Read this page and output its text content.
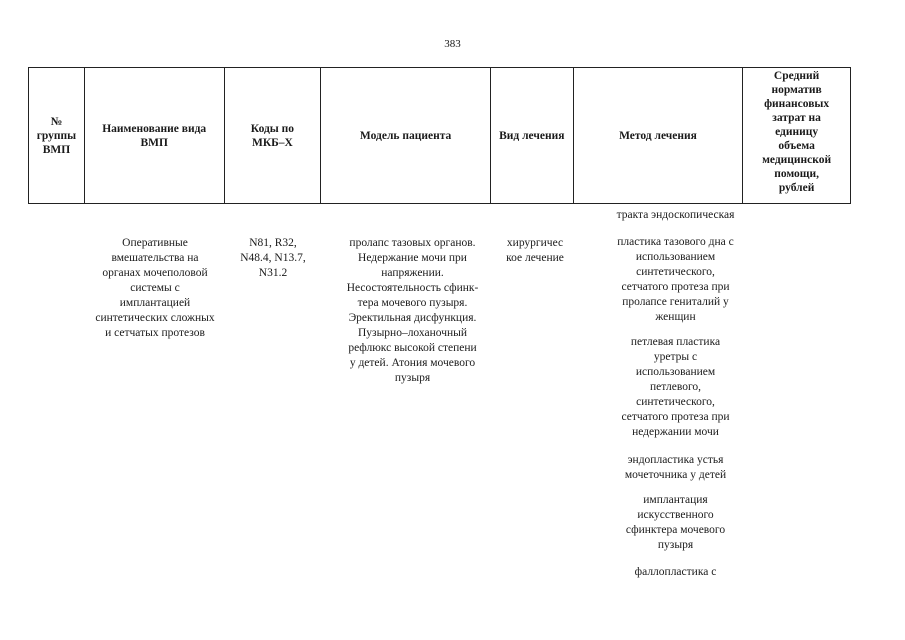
383
№
группы
ВМП
Наименование вида
ВМП
Коды по
МКБ–Х
Модель пациента	Вид лечения	Метод лечения
Средний
норматив
финансовых
затрат на
единицу
объема
медицинской
помощи,
рублей
Оперативные
вмешательства на
органах мочеполовой
системы с
имплантацией
синтетических сложных
и сетчатых протезов
N81, R32,
N48.4, N13.7,
N31.2
пролапс тазовых органов.
Недержание мочи при
напряжении.
Несостоятельность сфинк-
тера мочевого пузыря.
Эректильная дисфункция.
Пузырно–лоханочный
рефлюкс высокой степени
у детей. Атония мочевого
пузыря
хирургичес
кое лечение
тракта эндоскопическая
пластика тазового дна с
использованием
синтетического,
сетчатого протеза при
пролапсе гениталий у
женщин
петлевая пластика
уретры с
использованием
петлевого,
синтетического,
сетчатого протеза при
недержании мочи
эндопластика устья
мочеточника у детей
имплантация
искусственного
сфинктера мочевого
пузыря
фаллопластика с
